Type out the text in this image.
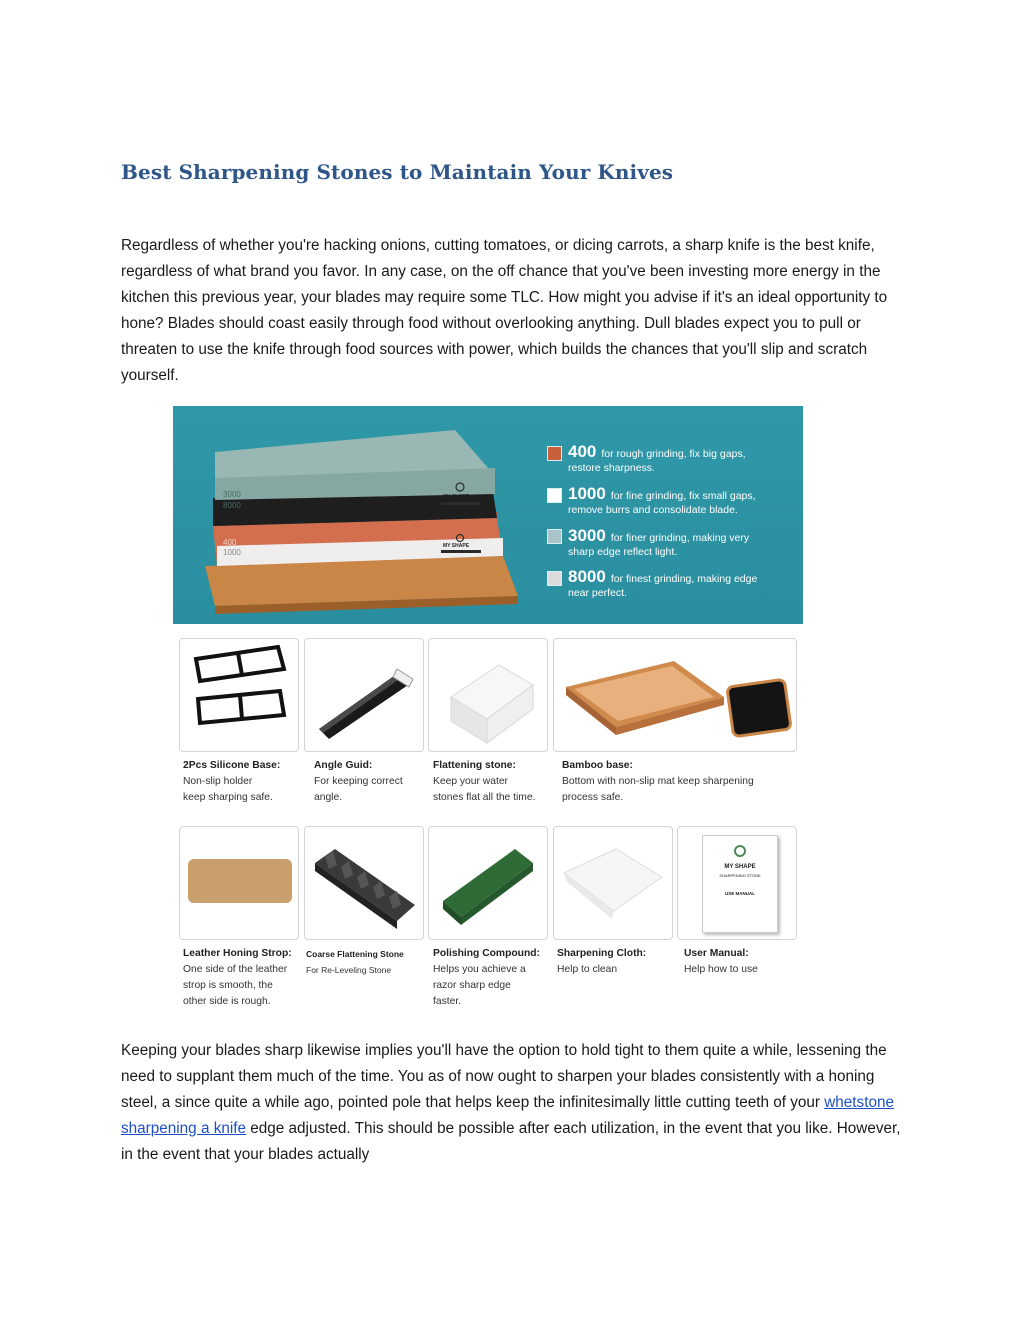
Best Sharpening Stones to Maintain Your Knives

Regardless of whether you're hacking onions, cutting tomatoes, or dicing carrots, a sharp knife is the best knife, regardless of what brand you favor. In any case, on the off chance that you've been investing more energy in the kitchen this previous year, your blades may require some TLC. How might you advise if it's an ideal opportunity to hone? Blades should coast easily through food without overlooking anything. Dull blades expect you to pull or threaten to use the knife through food sources with power, which builds the chances that you'll slip and scratch yourself.

3000
8000
400
1000
MY SHAPE
MY SHAPE
400 for rough grinding, fix big gaps,
restore sharpness.
1000 for fine grinding, fix small gaps,
remove burrs and consolidate blade.
3000 for finer grinding, making very
sharp edge reflect light.
8000 for finest grinding, making edge
near perfect.
2Pcs Silicone Base:
Non-slip holder
keep sharping safe.
Angle Guid:
For keeping correct
angle.
Flattening stone:
Keep your water
stones flat all the time.
Bamboo base:
Bottom with non-slip mat keep sharpening
process safe.
MY SHAPE
SHARPENING STONE
USE MANUAL
Leather Honing Strop:
One side of the leather
strop is smooth, the
other side is rough.
Coarse Flattening Stone
For Re-Leveling Stone
Polishing Compound:
Helps you achieve a
razor sharp edge
faster.
Sharpening Cloth:
Help to clean
User Manual:
Help how to use

Keeping your blades sharp likewise implies you'll have the option to hold tight to them quite a while, lessening the need to supplant them much of the time. You as of now ought to sharpen your blades consistently with a honing steel, a since quite a while ago, pointed pole that helps keep the infinitesimally little cutting teeth of your whetstone sharpening a knife edge adjusted. This should be possible after each utilization, in the event that you like. However, in the event that your blades actually
